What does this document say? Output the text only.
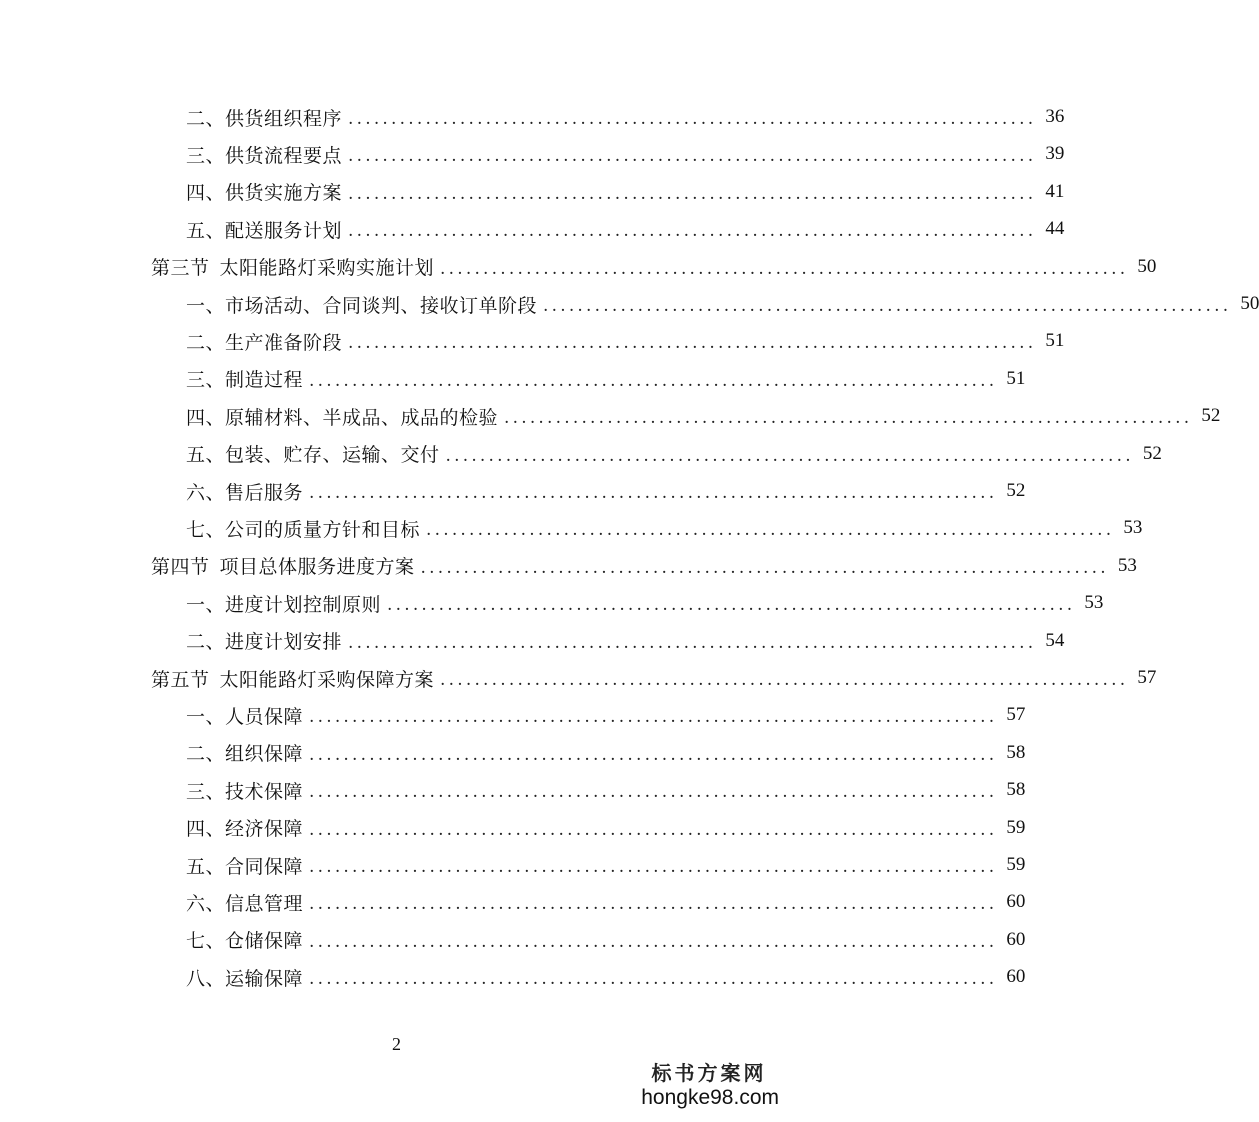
二、供货组织程序 ................................................................................ 36
三、供货流程要点 ................................................................................ 39
四、供货实施方案 ................................................................................ 41
五、配送服务计划 ................................................................................ 44
第三节 太阳能路灯采购实施计划 ................................................................................ 50
一、市场活动、合同谈判、接收订单阶段 ................................................................................ 50
二、生产准备阶段 ................................................................................ 51
三、制造过程 ................................................................................ 51
四、原辅材料、半成品、成品的检验 ................................................................................ 52
五、包装、贮存、运输、交付 ................................................................................ 52
六、售后服务 ................................................................................ 52
七、公司的质量方针和目标 ................................................................................ 53
第四节 项目总体服务进度方案 ................................................................................ 53
一、进度计划控制原则 ................................................................................ 53
二、进度计划安排 ................................................................................ 54
第五节 太阳能路灯采购保障方案 ................................................................................ 57
一、人员保障 ................................................................................ 57
二、组织保障 ................................................................................ 58
三、技术保障 ................................................................................ 58
四、经济保障 ................................................................................ 59
五、合同保障 ................................................................................ 59
六、信息管理 ................................................................................ 60
七、仓储保障 ................................................................................ 60
八、运输保障 ................................................................................ 60
2
标书方案网
hongke98.com
